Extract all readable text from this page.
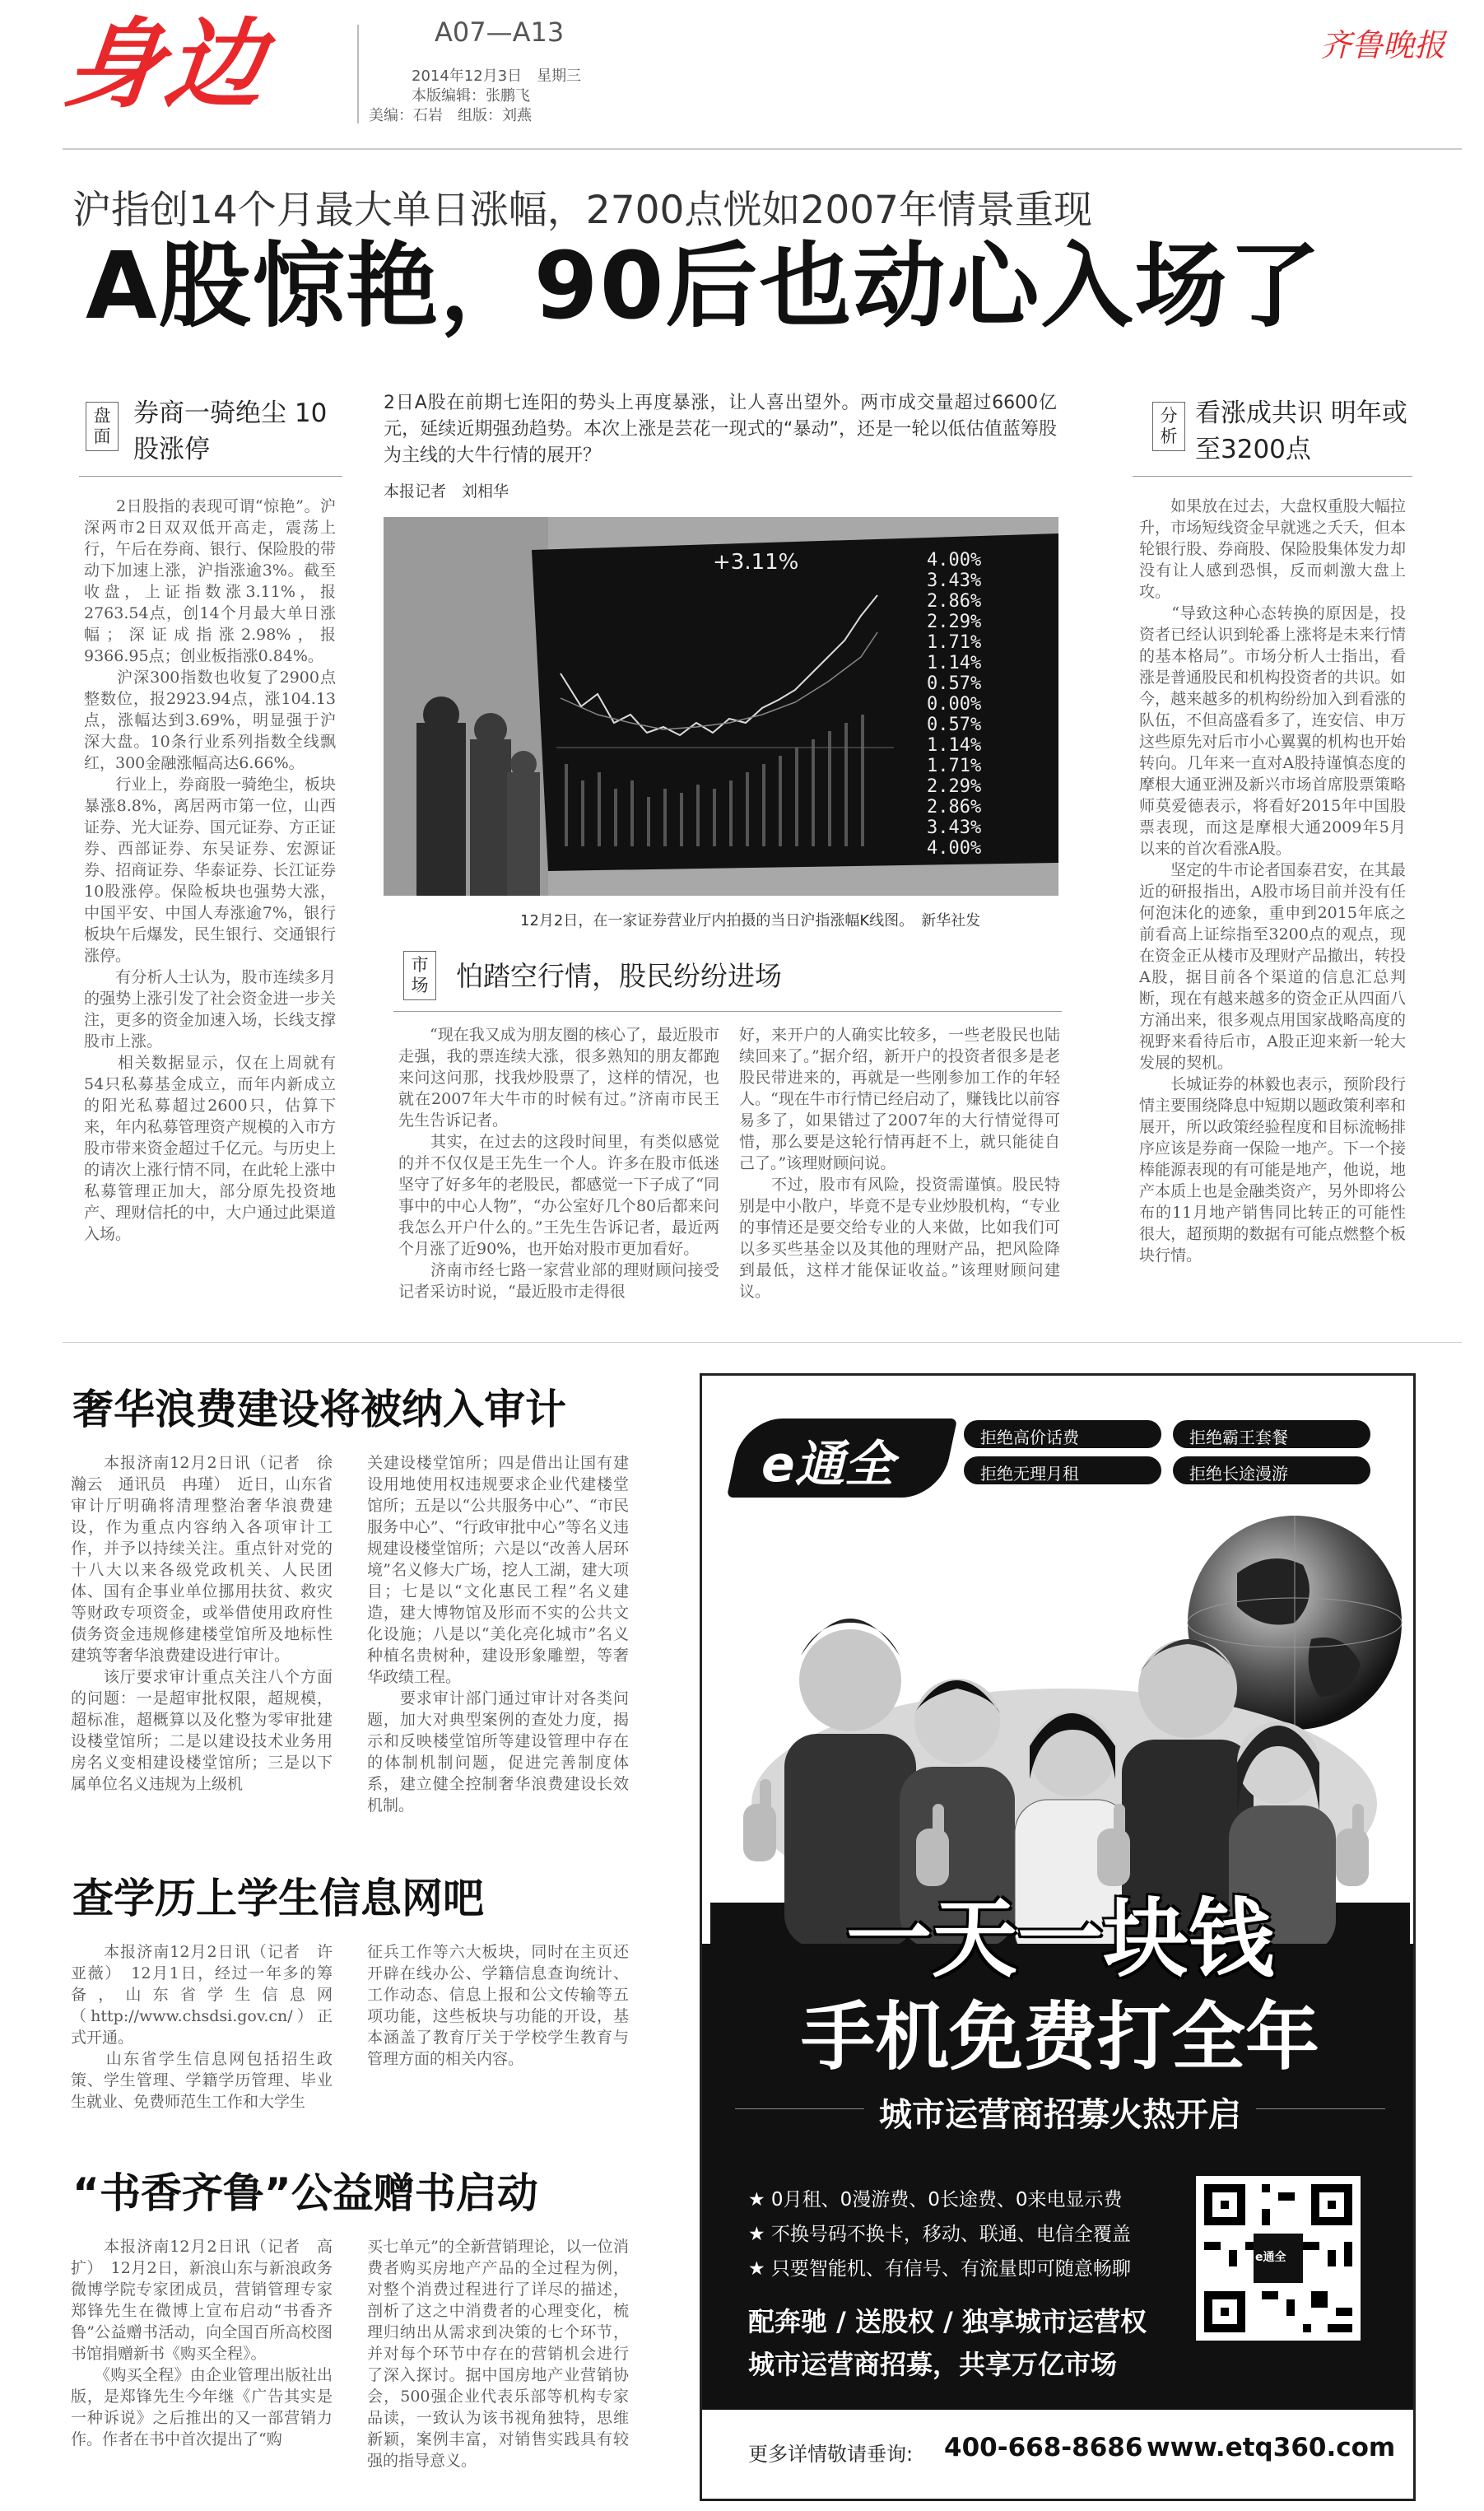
身边	A07—A13
2014年12月3日　星期三
本版编辑：张鹏飞
美编：石岩　组版：刘燕
齐鲁晚报
沪指创14个月最大单日涨幅，2700点恍如2007年情景重现
A股惊艳，90后也动心入场了
盘面
券商一骑绝尘 10股涨停
　　2日股指的表现可谓“惊艳”。沪深两市2日双双低开高走，震荡上行，午后在券商、银行、保险股的带动下加速上涨，沪指涨逾3%。截至收盘，上证指数涨3.11%，报2763.54点，创14个月最大单日涨幅；深证成指涨2.98%，报9366.95点；创业板指涨0.84%。
　　沪深300指数也收复了2900点整数位，报2923.94点，涨104.13点，涨幅达到3.69%，明显强于沪深大盘。10条行业系列指数全线飘红，300金融涨幅高达6.66%。
　　行业上，券商股一骑绝尘，板块暴涨8.8%，离居两市第一位，山西证券、光大证券、国元证券、方正证券、西部证券、东吴证券、宏源证券、招商证券、华泰证券、长江证券10股涨停。保险板块也强势大涨，中国平安、中国人寿涨逾7%，银行板块午后爆发，民生银行、交通银行涨停。
　　有分析人士认为，股市连续多月的强势上涨引发了社会资金进一步关注，更多的资金加速入场，长线支撑股市上涨。
　　相关数据显示，仅在上周就有54只私募基金成立，而年内新成立的阳光私募超过2600只，估算下来，年内私募管理资产规模的入市方股市带来资金超过千亿元。与历史上的请次上涨行情不同，在此轮上涨中私募管理正加大，部分原先投资地产、理财信托的中，大户通过此渠道入场。
2日A股在前期七连阳的势头上再度暴涨，让人喜出望外。两市成交量超过6600亿元，延续近期强劲趋势。本次上涨是芸花一现式的“暴动”，还是一轮以低估值蓝筹股为主线的大牛行情的展开？
本报记者　刘相华
+3.11%	4.00%
3.43%
2.86%
2.29%
1.71%
1.14%
0.57%
0.00%
0.57%
1.14%
1.71%
2.29%
2.86%
3.43%
4.00%
12月2日，在一家证券营业厅内拍摄的当日沪指涨幅K线图。　新华社发
市场 怕踏空行情，股民纷纷进场
　　“现在我又成为朋友圈的核心了，最近股市走强，我的票连续大涨，很多熟知的朋友都跑来问这问那，找我炒股票了，这样的情况，也就在2007年大牛市的时候有过。”济南市民王先生告诉记者。
　　其实，在过去的这段时间里，有类似感觉的并不仅仅是王先生一个人。许多在股市低迷坚守了好多年的老股民，都感觉一下子成了“同事中的中心人物”，“办公室好几个80后都来问我怎么开户什么的。”王先生告诉记者，最近两个月涨了近90%，也开始对股市更加看好。
　　济南市经七路一家营业部的理财顾问接受记者采访时说，“最近股市走得很
好，来开户的人确实比较多，一些老股民也陆续回来了。”据介绍，新开户的投资者很多是老股民带进来的，再就是一些刚参加工作的年轻人。“现在牛市行情已经启动了，赚钱比以前容易多了，如果错过了2007年的大行情觉得可惜，那么要是这轮行情再赶不上，就只能徒自己了。”该理财顾问说。
　　不过，股市有风险，投资需谨慎。股民特别是中小散户，毕竟不是专业炒股机构，“专业的事情还是要交给专业的人来做，比如我们可以多买些基金以及其他的理财产品，把风险降到最低，这样才能保证收益。”该理财顾问建议。
分析
看涨成共识 明年或至3200点
　　如果放在过去，大盘权重股大幅拉升，市场短线资金早就逃之夭夭，但本轮银行股、券商股、保险股集体发力却没有让人感到恐惧，反而刺激大盘上攻。
　　“导致这种心态转换的原因是，投资者已经认识到轮番上涨将是未来行情的基本格局”。市场分析人士指出，看涨是普通股民和机构投资者的共识。如今，越来越多的机构纷纷加入到看涨的队伍，不但高盛看多了，连安信、申万这些原先对后市小心翼翼的机构也开始转向。几年来一直对A股持谨慎态度的摩根大通亚洲及新兴市场首席股票策略师莫爱德表示，将看好2015年中国股票表现，而这是摩根大通2009年5月以来的首次看涨A股。
　　坚定的牛市论者国泰君安，在其最近的研报指出，A股市场目前并没有任何泡沫化的迹象，重申到2015年底之前看高上证综指至3200点的观点，现在资金正从楼市及理财产品撤出，转投A股，据目前各个渠道的信息汇总判断，现在有越来越多的资金正从四面八方涌出来，很多观点用国家战略高度的视野来看待后市，A股正迎来新一轮大发展的契机。
　　长城证券的林毅也表示，预阶段行情主要围绕降息中短期以题政策利率和展开，所以政策经验程度和目标流畅排序应该是券商一保险一地产。下一个接棒能源表现的有可能是地产，他说，地产本质上也是金融类资产，另外即将公布的11月地产销售同比转正的可能性很大，超预期的数据有可能点燃整个板块行情。
奢华浪费建设将被纳入审计
　　本报济南12月2日讯（记者　徐瀚云　通讯员　冉瑾）　近日，山东省审计厅明确将清理整治奢华浪费建设，作为重点内容纳入各项审计工作，并予以持续关注。重点针对党的十八大以来各级党政机关、人民团体、国有企事业单位挪用扶贫、救灾等财政专项资金，或举借使用政府性债务资金违规修建楼堂馆所及地标性建筑等奢华浪费建设进行审计。
　　该厅要求审计重点关注八个方面的问题：一是超审批权限，超规模，超标准，超概算以及化整为零审批建设楼堂馆所；二是以建设技术业务用房名义变相建设楼堂馆所；三是以下属单位名义违规为上级机
关建设楼堂馆所；四是借出让国有建设用地使用权违规要求企业代建楼堂馆所；五是以“公共服务中心”、“市民服务中心”、“行政审批中心”等名义违规建设楼堂馆所；六是以“改善人居环境”名义修大广场，挖人工湖，建大项目；七是以“文化惠民工程”名义建造，建大博物馆及形而不实的公共文化设施；八是以“美化亮化城市”名义种植名贵树种，建设形象雕塑，等奢华政绩工程。
　　要求审计部门通过审计对各类问题，加大对典型案例的查处力度，揭示和反映楼堂馆所等建设管理中存在的体制机制问题，促进完善制度体系，建立健全控制奢华浪费建设长效机制。
查学历上学生信息网吧
　　本报济南12月2日讯（记者　许亚薇）　12月1日，经过一年多的筹备，山东省学生信息网（http://www.chsdsi.gov.cn/）正式开通。
　　山东省学生信息网包括招生政策、学生管理、学籍学历管理、毕业生就业、免费师范生工作和大学生
征兵工作等六大板块，同时在主页还开辟在线办公、学籍信息查询统计、工作动态、信息上报和公文传输等五项功能，这些板块与功能的开设，基本涵盖了教育厅关于学校学生教育与管理方面的相关内容。
“书香齐鲁”公益赠书启动
　　本报济南12月2日讯（记者　高扩）　12月2日，新浪山东与新浪政务微博学院专家团成员，营销管理专家郑锋先生在微博上宣布启动“书香齐鲁”公益赠书活动，向全国百所高校图书馆捐赠新书《购买全程》。
　　《购买全程》由企业管理出版社出版，是郑锋先生今年继《广告其实是一种诉说》之后推出的又一部营销力作。作者在书中首次提出了“购
买七单元”的全新营销理论，以一位消费者购买房地产产品的全过程为例，对整个消费过程进行了详尽的描述，剖析了这之中消费者的心理变化，梳理归纳出从需求到决策的七个环节，并对每个环节中存在的营销机会进行了深入探讨。据中国房地产业营销协会，500强企业代表乐部等机构专家品读，一致认为该书视角独特，思维新颖，案例丰富，对销售实践具有较强的指导意义。
e通全	拒绝高价话费	拒绝霸王套餐
拒绝无理月租	拒绝长途漫游
一天一块钱
手机免费打全年
城市运营商招募火热开启
★ 0月租、0漫游费、0长途费、0来电显示费
★ 不换号码不换卡，移动、联通、电信全覆盖
★ 只要智能机、有信号、有流量即可随意畅聊
配奔驰 / 送股权 / 独享城市运营权
城市运营商招募，共享万亿市场
e通全
更多详情敬请垂询: 400-668-8686 www.etq360.com
